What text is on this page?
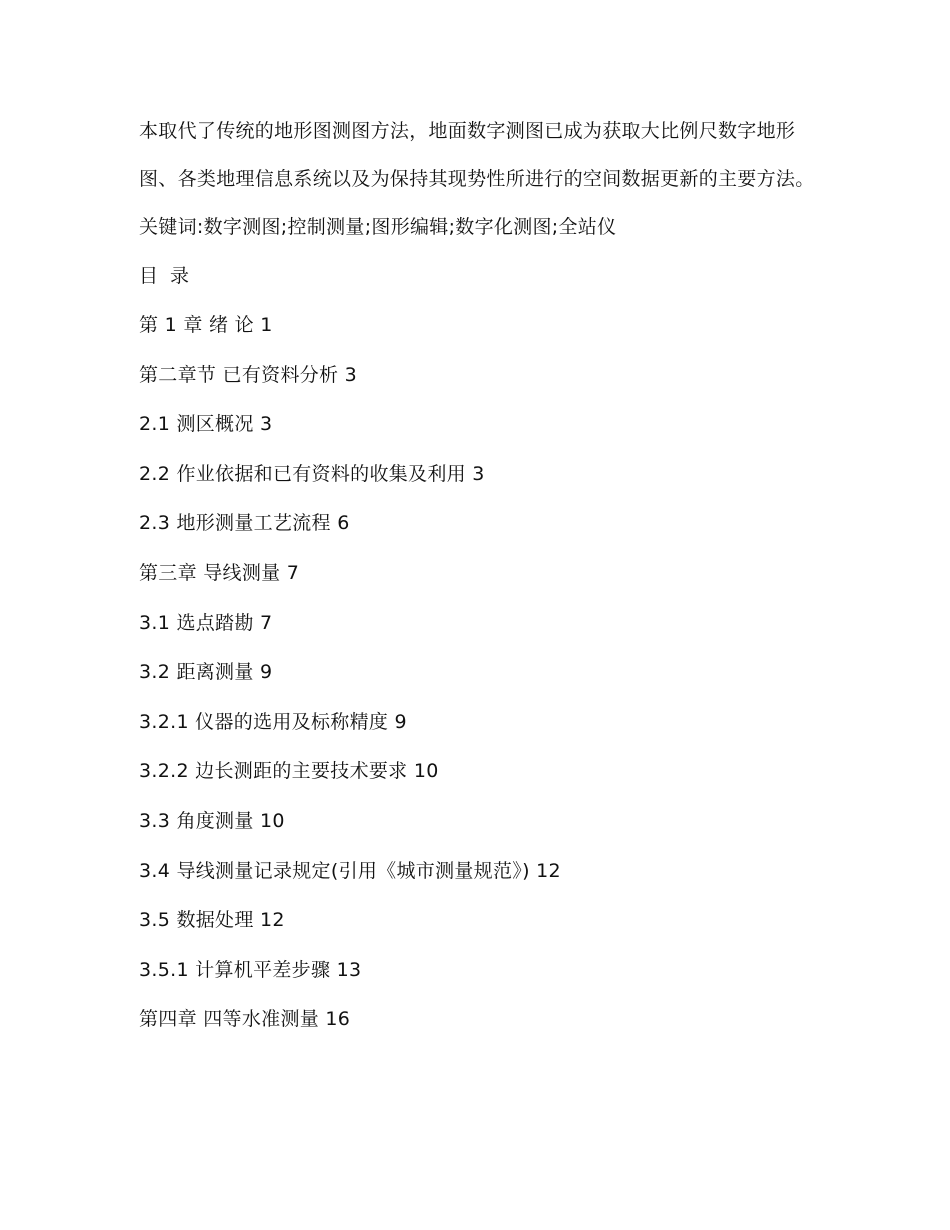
本取代了传统的地形图测图方法，地面数字测图已成为获取大比例尺数字地形

图、各类地理信息系统以及为保持其现势性所进行的空间数据更新的主要方法。

关键词:数字测图;控制测量;图形编辑;数字化测图;全站仪

目 录

第 1 章 绪 论 1
第二章节 已有资料分析 3
2.1 测区概况 3
2.2 作业依据和已有资料的收集及利用 3
2.3 地形测量工艺流程 6
第三章 导线测量 7
3.1 选点踏勘 7
3.2 距离测量 9
3.2.1 仪器的选用及标称精度 9
3.2.2 边长测距的主要技术要求 10
3.3 角度测量 10
3.4 导线测量记录规定(引用《城市测量规范》) 12
3.5 数据处理 12
3.5.1 计算机平差步骤 13
第四章 四等水准测量 16
